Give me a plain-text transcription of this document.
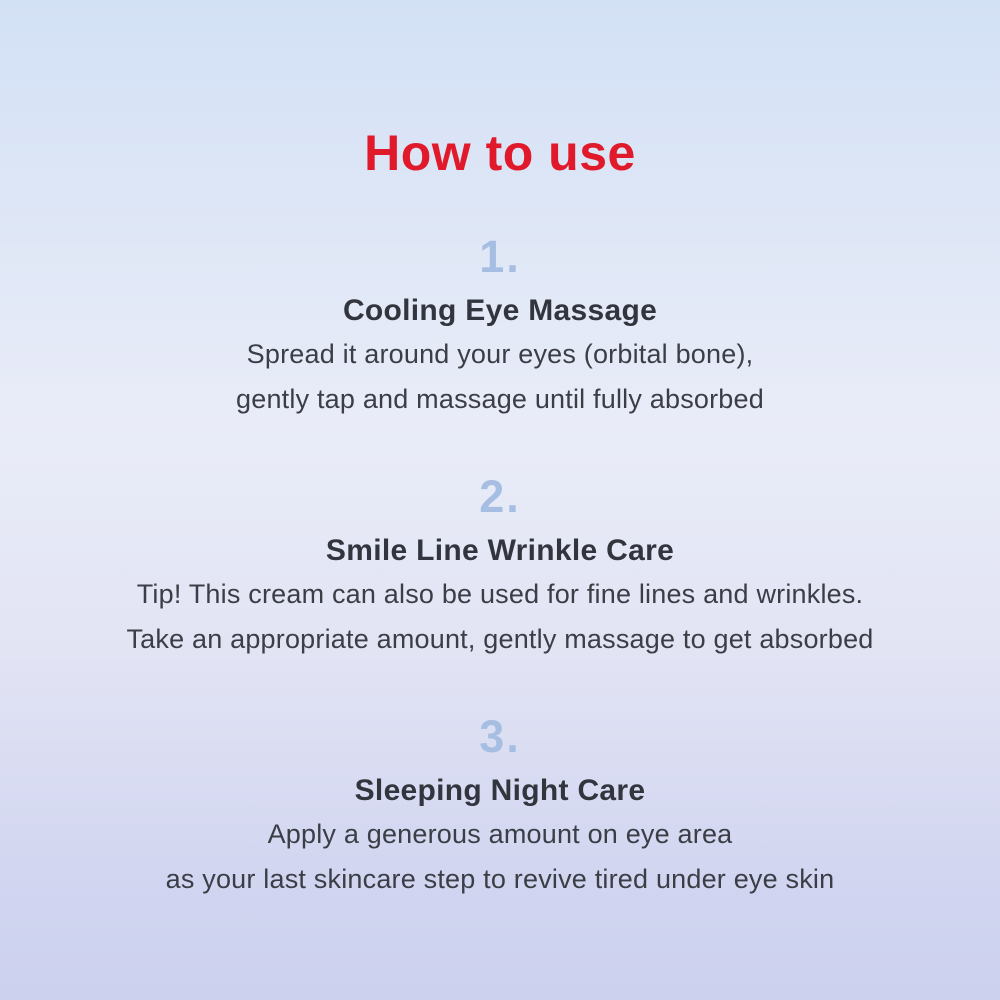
How to use
1.
Cooling Eye Massage

Spread it around your eyes (orbital bone),

gently tap and massage until fully absorbed

2.
Smile Line Wrinkle Care

Tip! This cream can also be used for fine lines and wrinkles.

Take an appropriate amount, gently massage to get absorbed

3.
Sleeping Night Care

Apply a generous amount on eye area

as your last skincare step to revive tired under eye skin
